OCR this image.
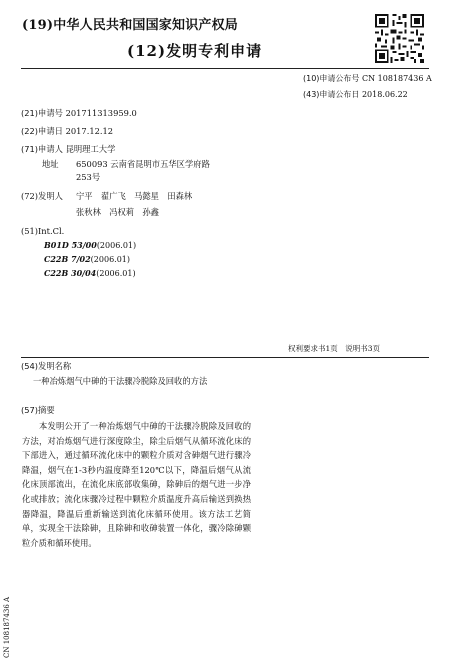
(19)中华人民共和国国家知识产权局
(12)发明专利申请
(10)申请公布号 CN 108187436 A
(43)申请公布日 2018.06.22
(21)申请号 201711313959.0
(22)申请日 2017.12.12
(71)申请人 昆明理工大学
地址 650093 云南省昆明市五华区学府路
253号
(72)发明人 宁平　翟广飞　马懿星　田森林
张秋林　冯权莉　孙鑫
(51)Int.Cl.
B01D 53/00(2006.01)
C22B 7/02(2006.01)
C22B 30/04(2006.01)
权利要求书1页　说明书3页
(54)发明名称
一种冶炼烟气中砷的干法骤冷脱除及回收的方法
(57)摘要
本发明公开了一种冶炼烟气中砷的干法骤冷脱除及回收的方法，对冶炼烟气进行深度除尘，除尘后烟气从循环流化床的下部进入，通过循环流化床中的颗粒介质对含砷烟气进行骤冷降温，烟气在1-3秒内温度降至120℃以下，降温后烟气从流化床顶部流出，在流化床底部收集砷，除砷后的烟气进一步净化或排放；流化床骤冷过程中颗粒介质温度升高后输送到换热器降温，降温后重新输送到流化床循环使用。该方法工艺简单，实现全干法除砷，且除砷和收砷装置一体化，骤冷除砷颗粒介质和循环使用。
CN 108187436 A
